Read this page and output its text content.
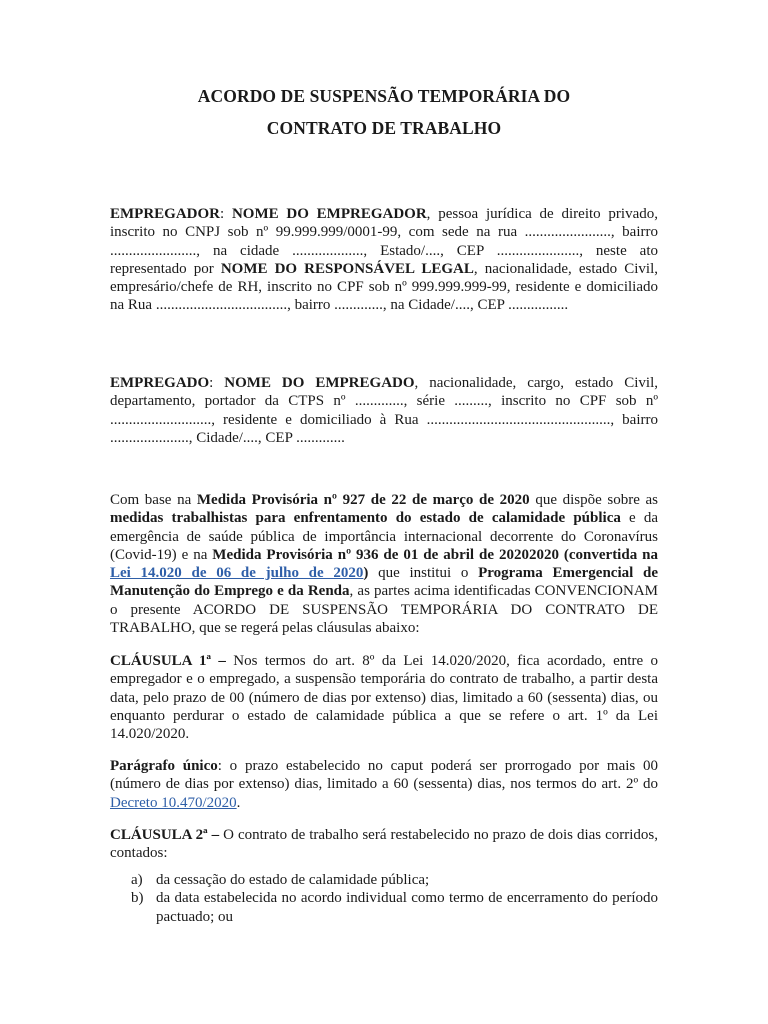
ACORDO DE SUSPENSÃO TEMPORÁRIA DO
CONTRATO DE TRABALHO
EMPREGADOR: NOME DO EMPREGADOR, pessoa jurídica de direito privado, inscrito no CNPJ sob nº 99.999.999/0001-99, com sede na rua ......................., bairro ......................., na cidade ..................., Estado/...., CEP ......................, neste ato representado por NOME DO RESPONSÁVEL LEGAL, nacionalidade, estado Civil, empresário/chefe de RH, inscrito no CPF sob nº 999.999.999-99, residente e domiciliado na Rua ..................................., bairro ............., na Cidade/...., CEP ................
EMPREGADO: NOME DO EMPREGADO, nacionalidade, cargo, estado Civil, departamento, portador da CTPS nº ............., série ........., inscrito no CPF sob nº ..........................., residente e domiciliado à Rua ................................................., bairro ....................., Cidade/...., CEP .............
Com base na Medida Provisória nº 927 de 22 de março de 2020 que dispõe sobre as medidas trabalhistas para enfrentamento do estado de calamidade pública e da emergência de saúde pública de importância internacional decorrente do Coronavírus (Covid-19) e na Medida Provisória nº 936 de 01 de abril de 20202020 (convertida na Lei 14.020 de 06 de julho de 2020) que institui o Programa Emergencial de Manutenção do Emprego e da Renda, as partes acima identificadas CONVENCIONAM o presente ACORDO DE SUSPENSÃO TEMPORÁRIA DO CONTRATO DE TRABALHO, que se regerá pelas cláusulas abaixo:
CLÁUSULA 1ª – Nos termos do art. 8º da Lei 14.020/2020, fica acordado, entre o empregador e o empregado, a suspensão temporária do contrato de trabalho, a partir desta data, pelo prazo de 00 (número de dias por extenso) dias, limitado a 60 (sessenta) dias, ou enquanto perdurar o estado de calamidade pública a que se refere o art. 1º da Lei 14.020/2020.
Parágrafo único: o prazo estabelecido no caput poderá ser prorrogado por mais 00 (número de dias por extenso) dias, limitado a 60 (sessenta) dias, nos termos do art. 2º do Decreto 10.470/2020.
CLÁUSULA 2ª – O contrato de trabalho será restabelecido no prazo de dois dias corridos, contados:
a) da cessação do estado de calamidade pública;
b) da data estabelecida no acordo individual como termo de encerramento do período pactuado; ou
